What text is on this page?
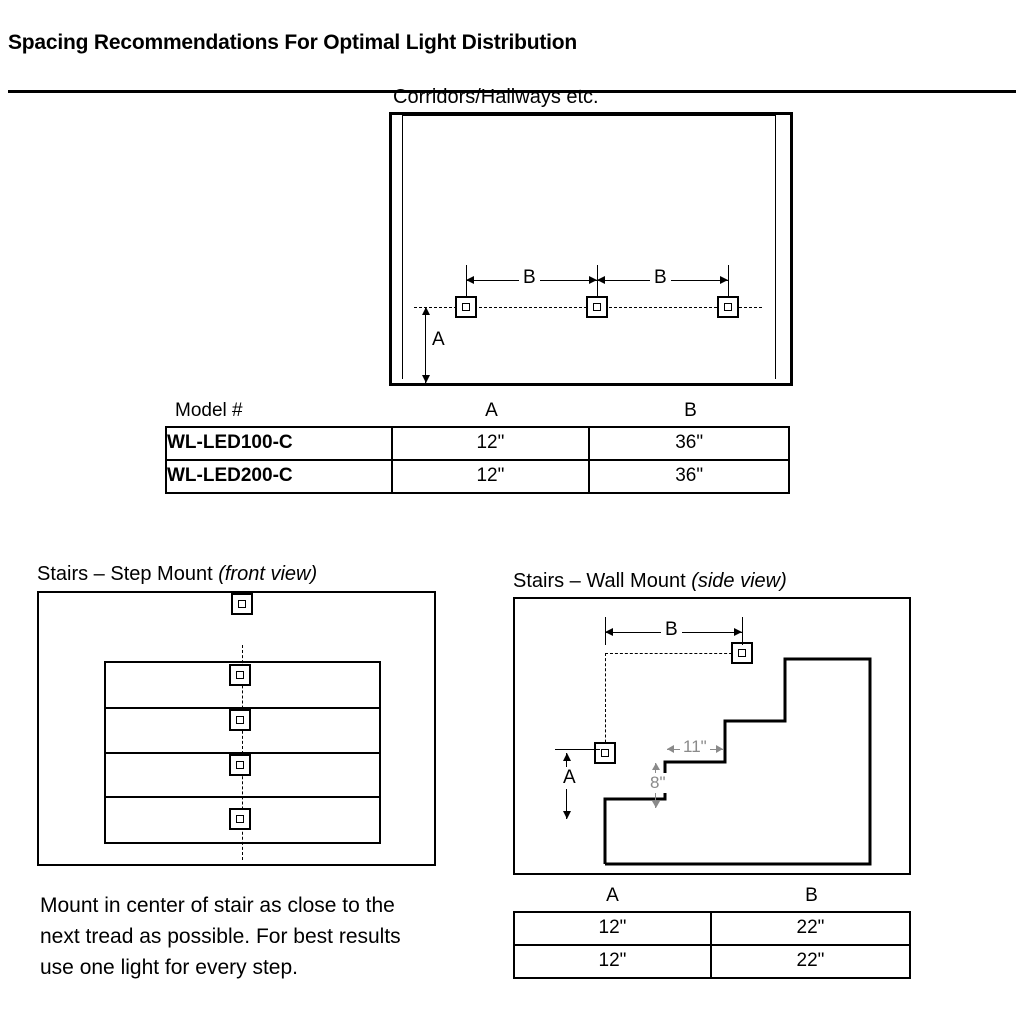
Spacing Recommendations For Optimal Light Distribution
Corridors/Hallways etc.
B	B
A
Model #	A	B
WL-LED100-C	12"	36"
WL-LED200-C	12"	36"
Stairs – Step Mount (front view)
Mount in center of stair as close to the next tread as possible. For best results use one light for every step.
Stairs – Wall Mount (side view)
B
A
11"
8"
A	B
12"	22"
12"	22"
